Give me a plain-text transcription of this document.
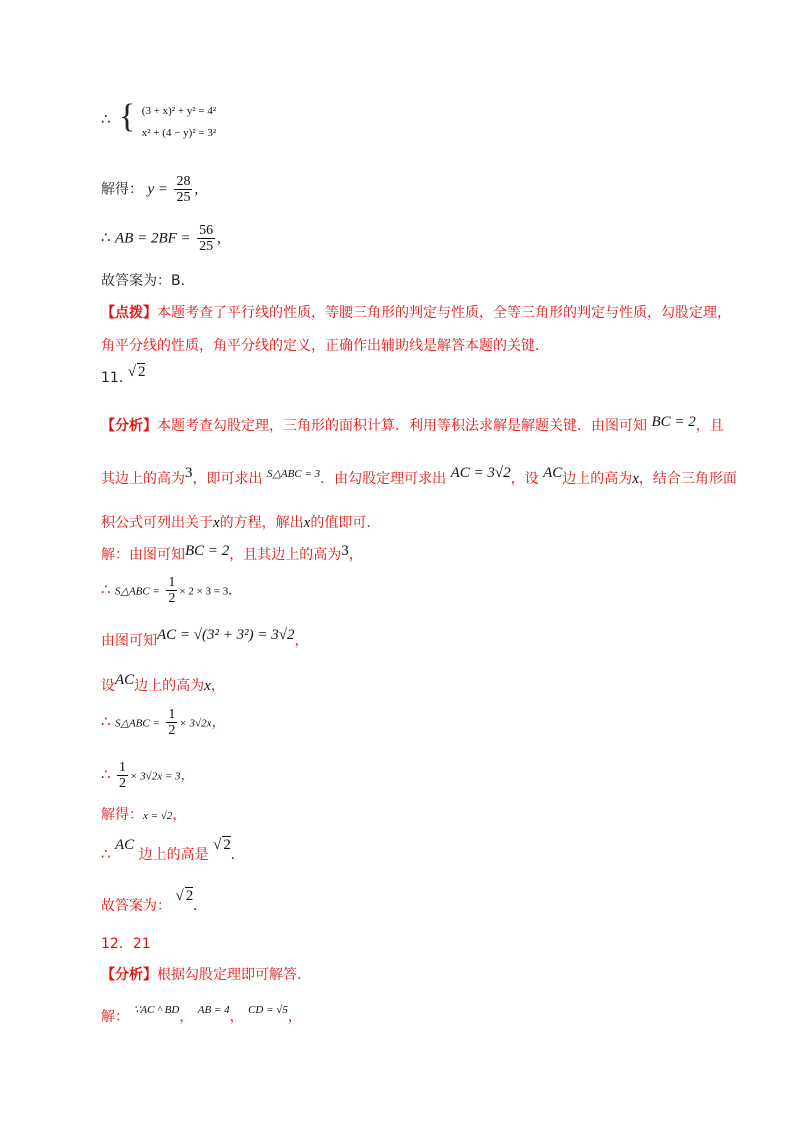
∴ { (3 + x)² + y² = 4²
x² + (4 − y)² = 3²
解得： $y = \frac{28}{25}$ ,
∴ AB = $2BF = \frac{56}{25}$ ,
故答案为：B.
【点拨】本题考查了平行线的性质，等腰三角形的判定与性质，全等三角形的判定与性质，勾股定理，
角平分线的性质，角平分线的定义，正确作出辅助线是解答本题的关键.
11. √ 2
【分析】本题考查勾股定理，三角形的面积计算．利用等积法求解是解题关键．由图可知 BC = 2，且
其边上的高为3，即可求出 $^{S\triangle ABC = 3}$．由勾股定理可求出 AC = 3√2，设 AC边上的高为x，结合三角形面
积公式可列出关于x的方程，解出x的值即可.
解：由图可知BC = 2，且其边上的高为3，
∴ S△ABC = $\frac{1}{2} \times 2 \times 3 = 3$.
由图可知AC = √(3² + 3²) = 3√2，
设AC边上的高为x，
∴ S△ABC = $\frac{1}{2} \times 3√2x$，
∴ $\frac{1}{2} \times 3√2x = 3$，
解得：x = √2，
∴ AC 边上的高是 √ 2.
故答案为： √ 2.
12．21
【分析】根据勾股定理即可解答.
解： ∵AC ^ BD， AB = 4， CD = √5，
